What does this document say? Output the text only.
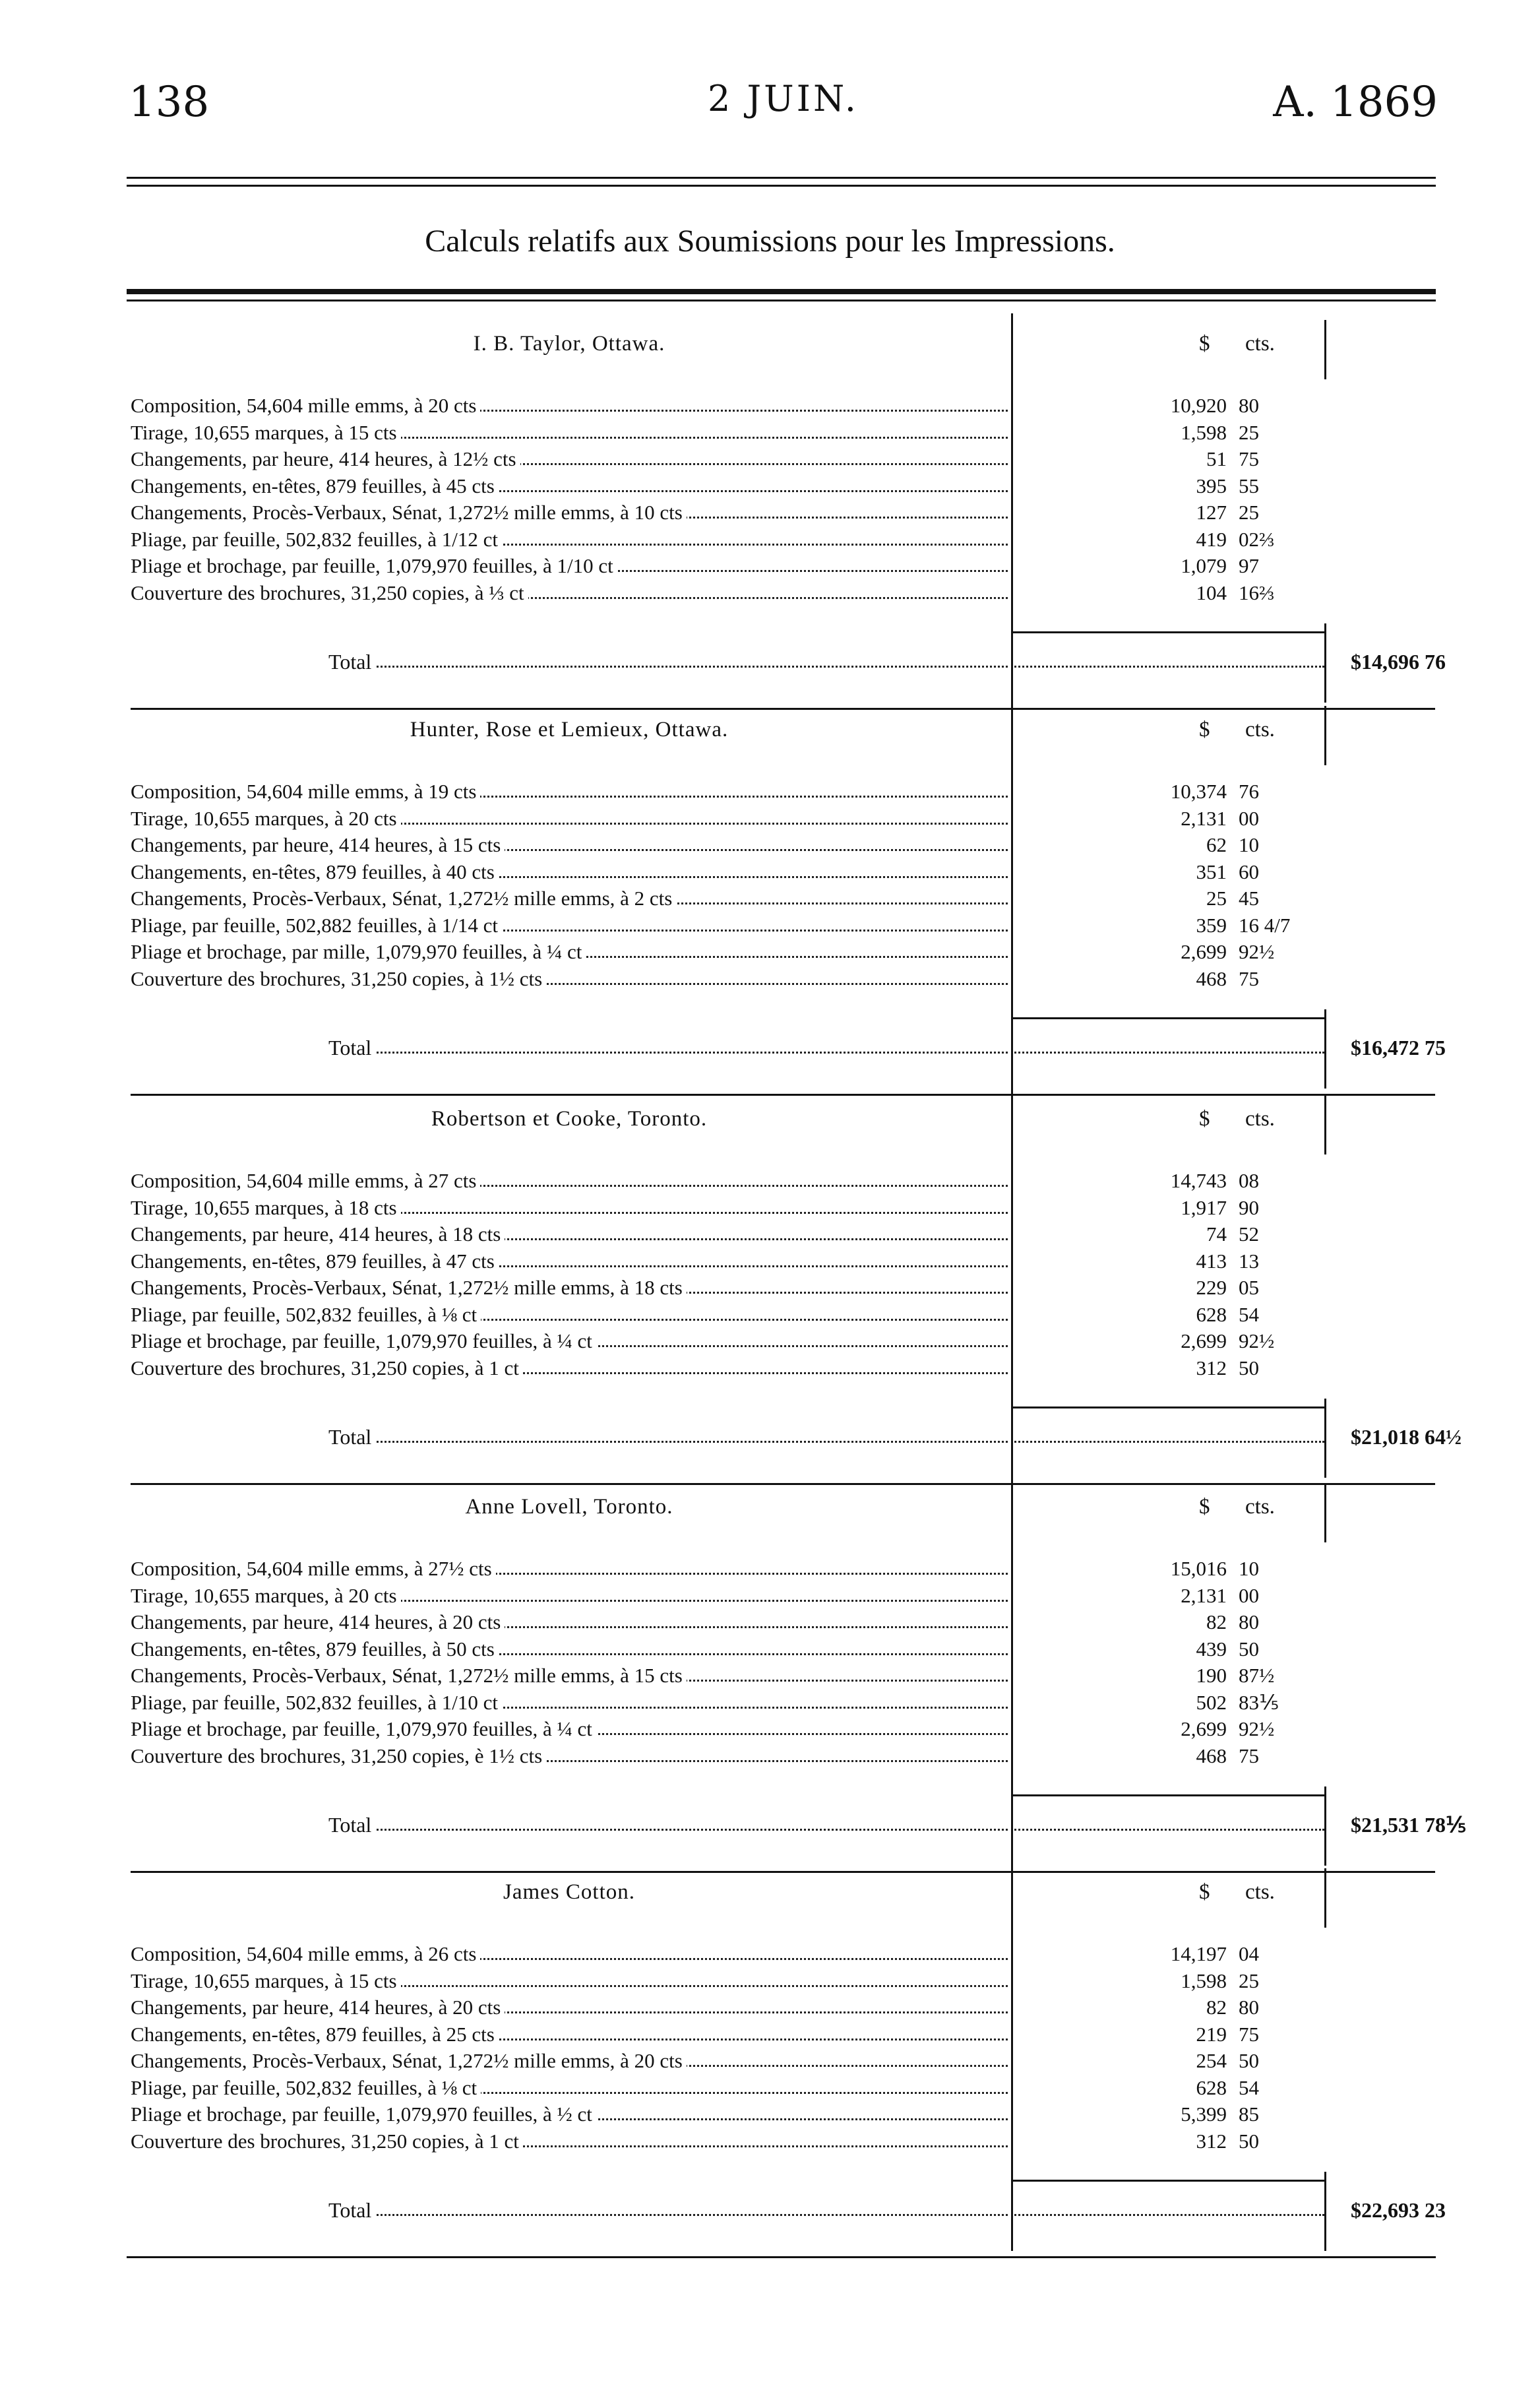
138	2 JUIN.	A. 1869
Calculs relatifs aux Soumissions pour les Impressions.
I. B. Taylor, Ottawa.	$ cts.
Composition, 54,604 mille emms, à 20 cts	10,920 80
Tirage, 10,655 marques, à 15 cts	1,598 25
Changements, par heure, 414 heures, à 12½ cts	51 75
Changements, en-têtes, 879 feuilles, à 45 cts	395 55
Changements, Procès-Verbaux, Sénat, 1,272½ mille emms, à 10 cts	127 25
Pliage, par feuille, 502,832 feuilles, à 1/12 ct	419 02⅔
Pliage et brochage, par feuille, 1,079,970 feuilles, à 1/10 ct	1,079 97
Couverture des brochures, 31,250 copies, à ⅓ ct	104 16⅔
Total	$14,696 76
Hunter, Rose et Lemieux, Ottawa.	$ cts.
Composition, 54,604 mille emms, à 19 cts	10,374 76
Tirage, 10,655 marques, à 20 cts	2,131 00
Changements, par heure, 414 heures, à 15 cts	62 10
Changements, en-têtes, 879 feuilles, à 40 cts	351 60
Changements, Procès-Verbaux, Sénat, 1,272½ mille emms, à 2 cts	25 45
Pliage, par feuille, 502,882 feuilles, à 1/14 ct	359 16 4/7
Pliage et brochage, par mille, 1,079,970 feuilles, à ¼ ct	2,699 92½
Couverture des brochures, 31,250 copies, à 1½ cts	468 75
Total	$16,472 75
Robertson et Cooke, Toronto.	$ cts.
Composition, 54,604 mille emms, à 27 cts	14,743 08
Tirage, 10,655 marques, à 18 cts	1,917 90
Changements, par heure, 414 heures, à 18 cts	74 52
Changements, en-têtes, 879 feuilles, à 47 cts	413 13
Changements, Procès-Verbaux, Sénat, 1,272½ mille emms, à 18 cts	229 05
Pliage, par feuille, 502,832 feuilles, à ⅛ ct	628 54
Pliage et brochage, par feuille, 1,079,970 feuilles, à ¼ ct	2,699 92½
Couverture des brochures, 31,250 copies, à 1 ct	312 50
Total	$21,018 64½
Anne Lovell, Toronto.	$ cts.
Composition, 54,604 mille emms, à 27½ cts	15,016 10
Tirage, 10,655 marques, à 20 cts	2,131 00
Changements, par heure, 414 heures, à 20 cts	82 80
Changements, en-têtes, 879 feuilles, à 50 cts	439 50
Changements, Procès-Verbaux, Sénat, 1,272½ mille emms, à 15 cts	190 87½
Pliage, par feuille, 502,832 feuilles, à 1/10 ct	502 83⅕
Pliage et brochage, par feuille, 1,079,970 feuilles, à ¼ ct	2,699 92½
Couverture des brochures, 31,250 copies, è 1½ cts	468 75
Total	$21,531 78⅕
James Cotton.	$ cts.
Composition, 54,604 mille emms, à 26 cts	14,197 04
Tirage, 10,655 marques, à 15 cts	1,598 25
Changements, par heure, 414 heures, à 20 cts	82 80
Changements, en-têtes, 879 feuilles, à 25 cts	219 75
Changements, Procès-Verbaux, Sénat, 1,272½ mille emms, à 20 cts	254 50
Pliage, par feuille, 502,832 feuilles, à ⅛ ct	628 54
Pliage et brochage, par feuille, 1,079,970 feuilles, à ½ ct	5,399 85
Couverture des brochures, 31,250 copies, à 1 ct	312 50
Total	$22,693 23
